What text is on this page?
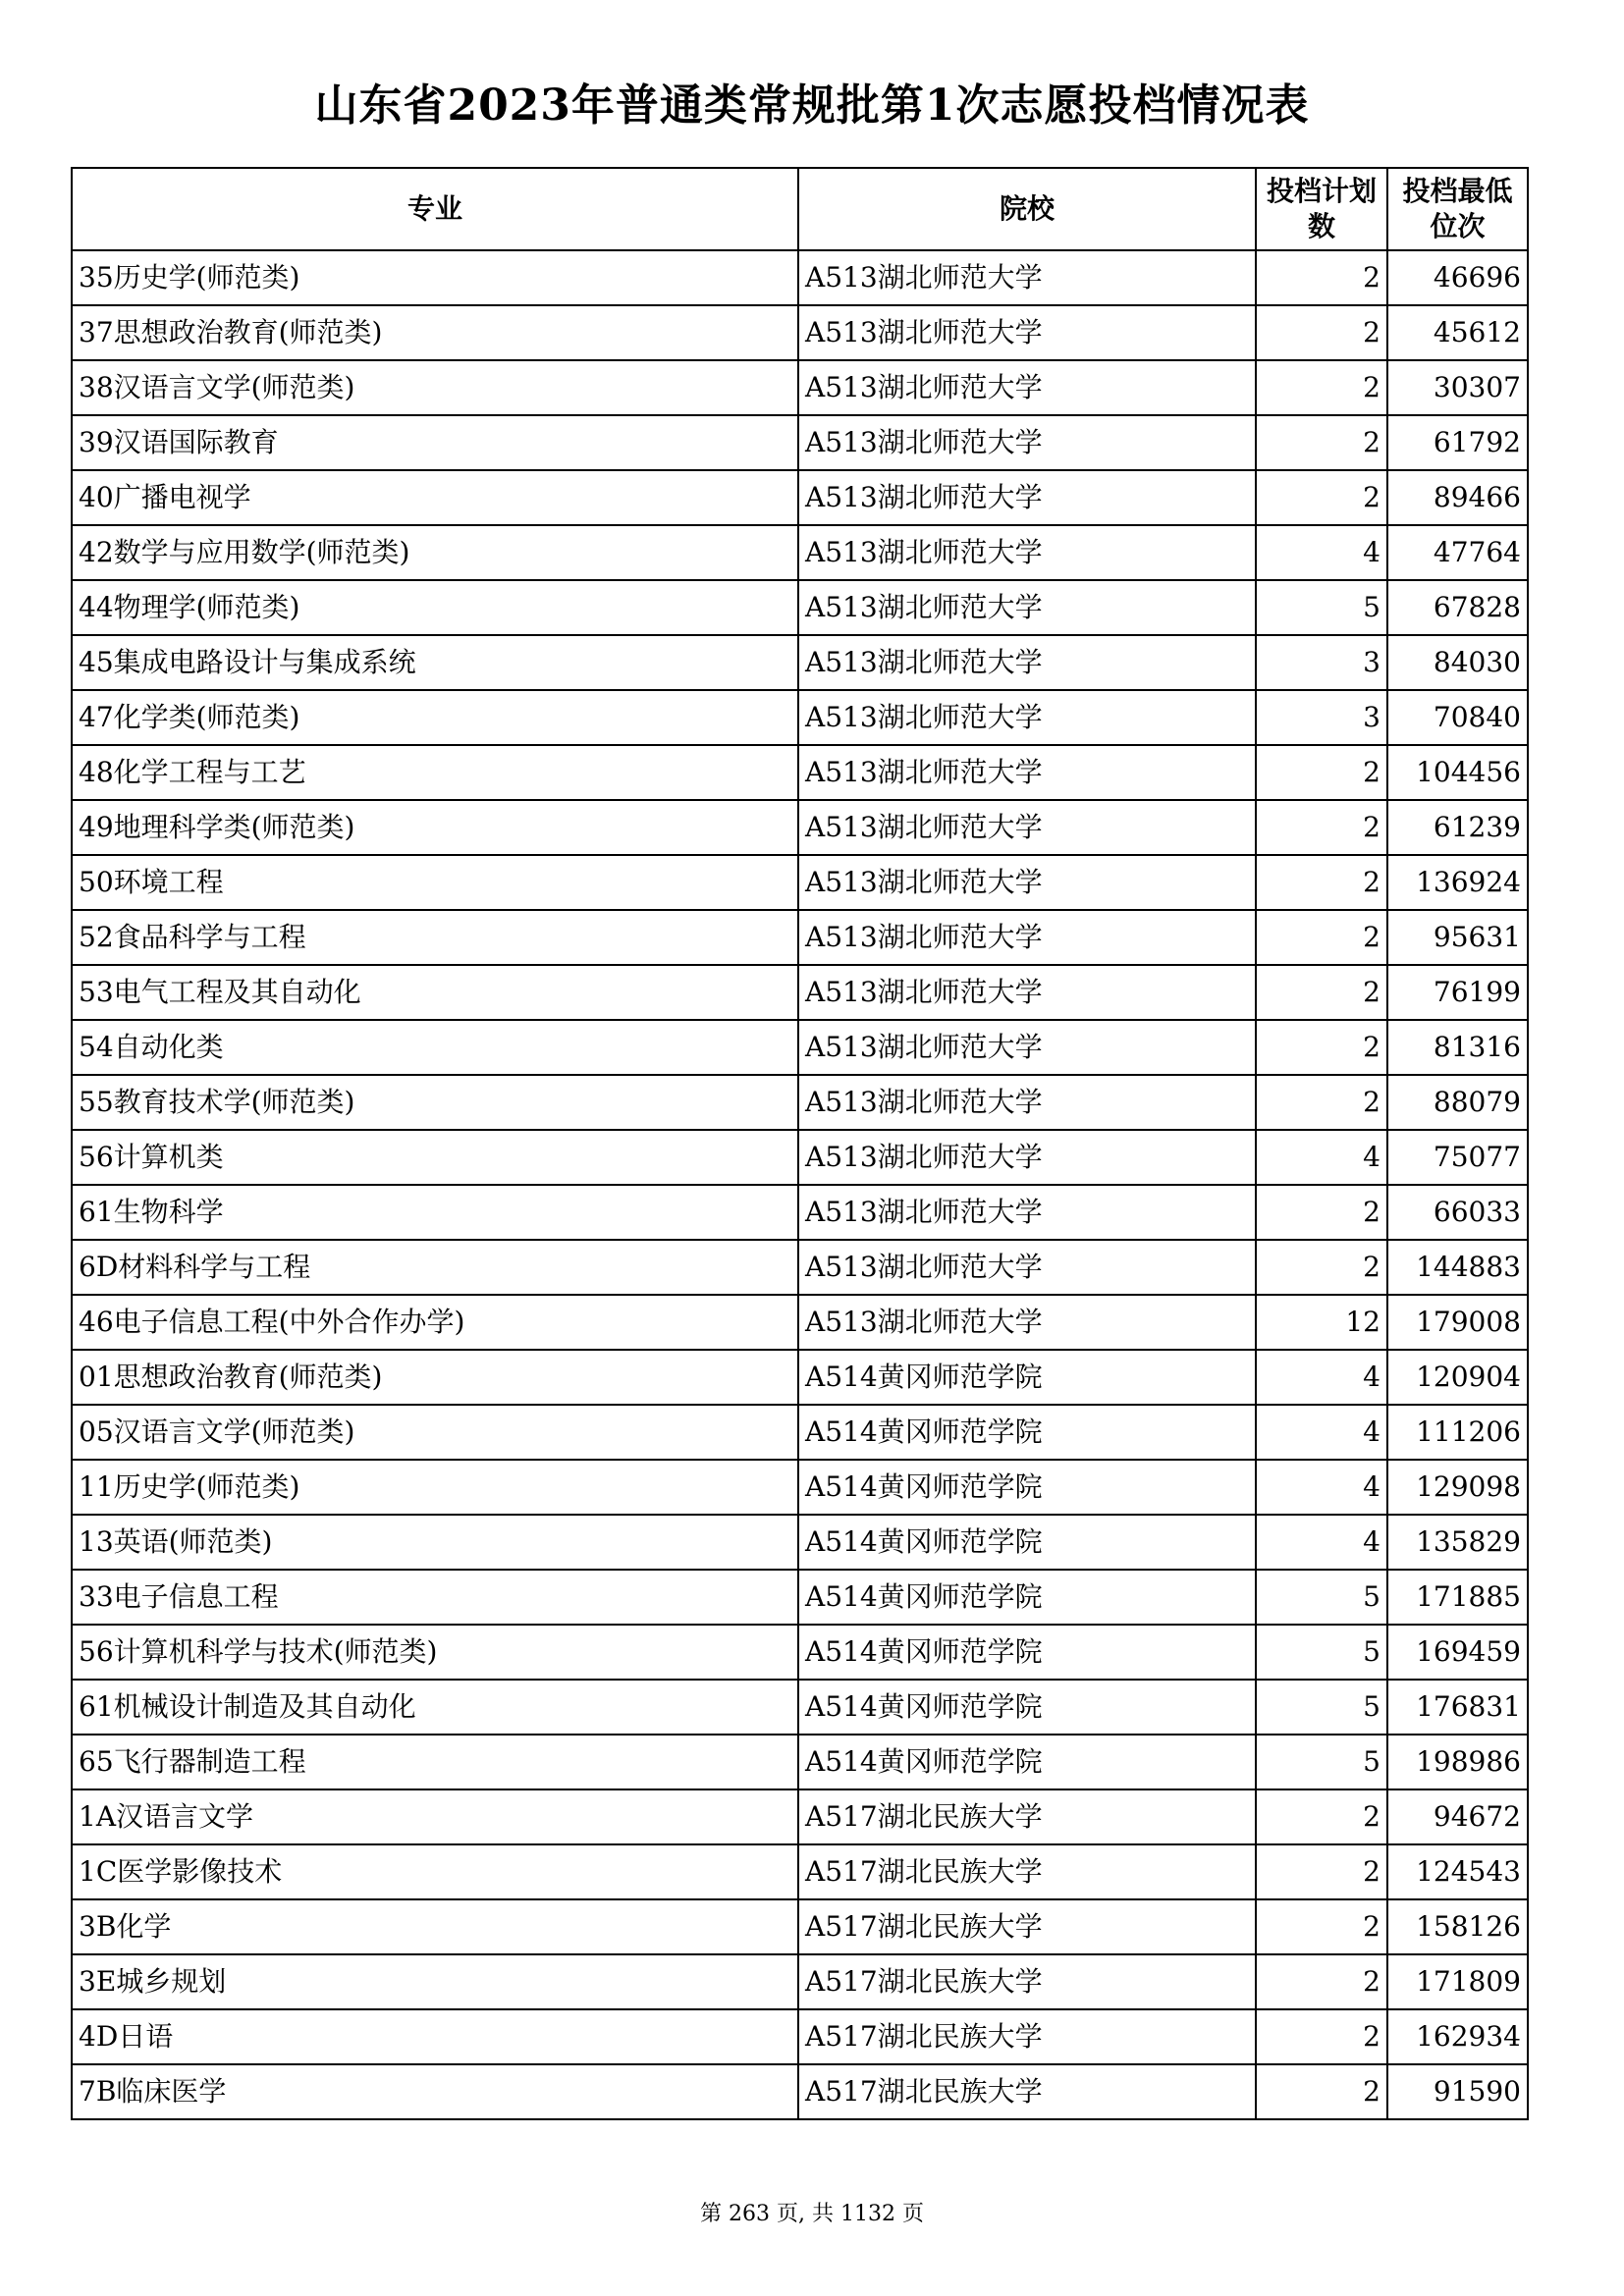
山东省2023年普通类常规批第1次志愿投档情况表
专业	院校	投档计划数	投档最低位次
35历史学(师范类)	A513湖北师范大学	2	46696
37思想政治教育(师范类)	A513湖北师范大学	2	45612
38汉语言文学(师范类)	A513湖北师范大学	2	30307
39汉语国际教育	A513湖北师范大学	2	61792
40广播电视学	A513湖北师范大学	2	89466
42数学与应用数学(师范类)	A513湖北师范大学	4	47764
44物理学(师范类)	A513湖北师范大学	5	67828
45集成电路设计与集成系统	A513湖北师范大学	3	84030
47化学类(师范类)	A513湖北师范大学	3	70840
48化学工程与工艺	A513湖北师范大学	2	104456
49地理科学类(师范类)	A513湖北师范大学	2	61239
50环境工程	A513湖北师范大学	2	136924
52食品科学与工程	A513湖北师范大学	2	95631
53电气工程及其自动化	A513湖北师范大学	2	76199
54自动化类	A513湖北师范大学	2	81316
55教育技术学(师范类)	A513湖北师范大学	2	88079
56计算机类	A513湖北师范大学	4	75077
61生物科学	A513湖北师范大学	2	66033
6D材料科学与工程	A513湖北师范大学	2	144883
46电子信息工程(中外合作办学)	A513湖北师范大学	12	179008
01思想政治教育(师范类)	A514黄冈师范学院	4	120904
05汉语言文学(师范类)	A514黄冈师范学院	4	111206
11历史学(师范类)	A514黄冈师范学院	4	129098
13英语(师范类)	A514黄冈师范学院	4	135829
33电子信息工程	A514黄冈师范学院	5	171885
56计算机科学与技术(师范类)	A514黄冈师范学院	5	169459
61机械设计制造及其自动化	A514黄冈师范学院	5	176831
65飞行器制造工程	A514黄冈师范学院	5	198986
1A汉语言文学	A517湖北民族大学	2	94672
1C医学影像技术	A517湖北民族大学	2	124543
3B化学	A517湖北民族大学	2	158126
3E城乡规划	A517湖北民族大学	2	171809
4D日语	A517湖北民族大学	2	162934
7B临床医学	A517湖北民族大学	2	91590
第 263 页, 共 1132 页
